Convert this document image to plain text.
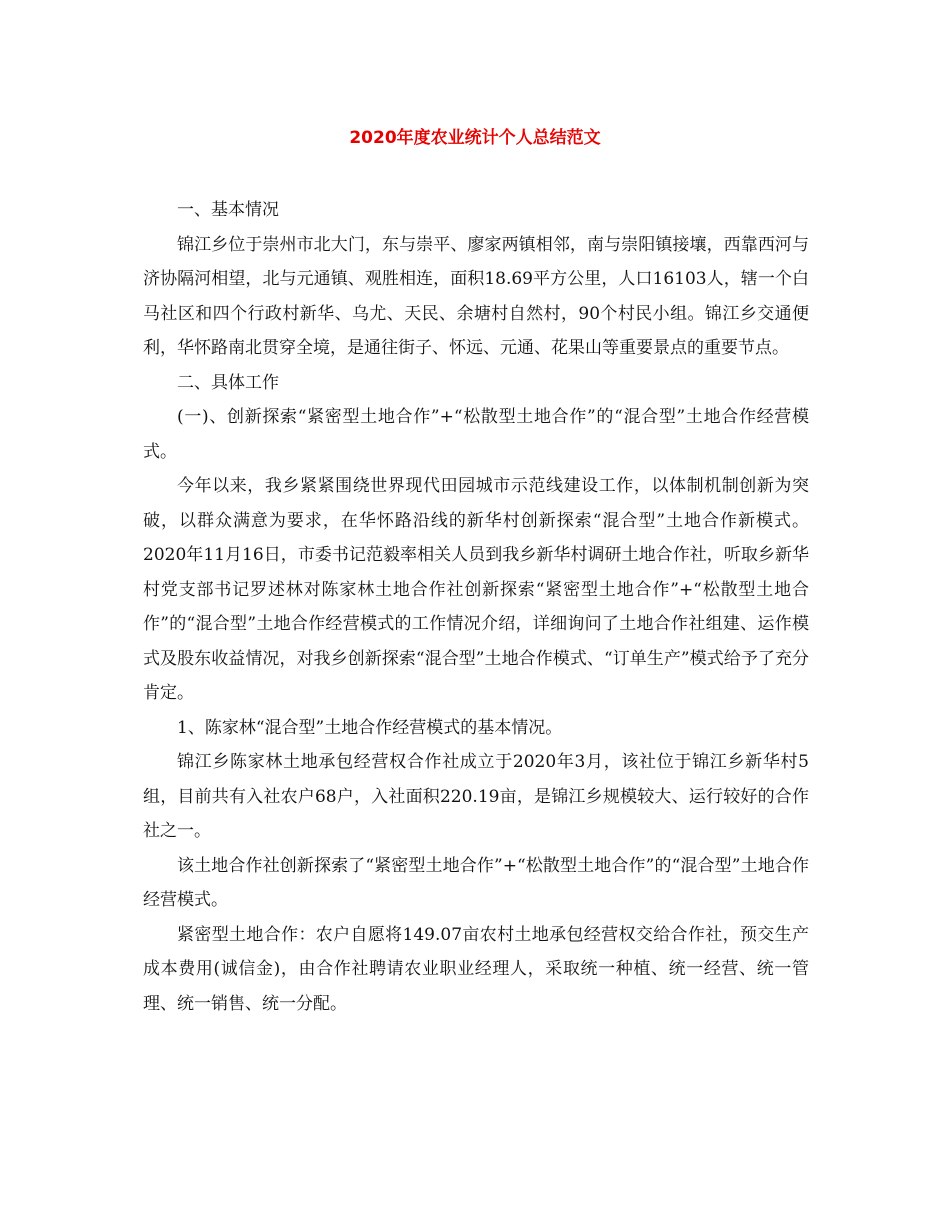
2020年度农业统计个人总结范文

一、基本情况

锦江乡位于崇州市北大门，东与崇平、廖家两镇相邻，南与崇阳镇接壤，西靠西河与济协隔河相望，北与元通镇、观胜相连，面积18.69平方公里，人口16103人，辖一个白马社区和四个行政村新华、乌尤、天民、余塘村自然村，90个村民小组。锦江乡交通便利，华怀路南北贯穿全境，是通往街子、怀远、元通、花果山等重要景点的重要节点。

二、具体工作

(一)、创新探索“紧密型土地合作”+“松散型土地合作”的“混合型”土地合作经营模式。

今年以来，我乡紧紧围绕世界现代田园城市示范线建设工作，以体制机制创新为突破，以群众满意为要求，在华怀路沿线的新华村创新探索“混合型”土地合作新模式。2020年11月16日，市委书记范毅率相关人员到我乡新华村调研土地合作社，听取乡新华村党支部书记罗述林对陈家林土地合作社创新探索“紧密型土地合作”+“松散型土地合作”的“混合型”土地合作经营模式的工作情况介绍，详细询问了土地合作社组建、运作模式及股东收益情况，对我乡创新探索“混合型”土地合作模式、“订单生产”模式给予了充分肯定。

1、陈家林“混合型”土地合作经营模式的基本情况。

锦江乡陈家林土地承包经营权合作社成立于2020年3月，该社位于锦江乡新华村5组，目前共有入社农户68户，入社面积220.19亩，是锦江乡规模较大、运行较好的合作社之一。

该土地合作社创新探索了“紧密型土地合作”+“松散型土地合作”的“混合型”土地合作经营模式。

紧密型土地合作：农户自愿将149.07亩农村土地承包经营权交给合作社，预交生产成本费用(诚信金)，由合作社聘请农业职业经理人，采取统一种植、统一经营、统一管理、统一销售、统一分配。
